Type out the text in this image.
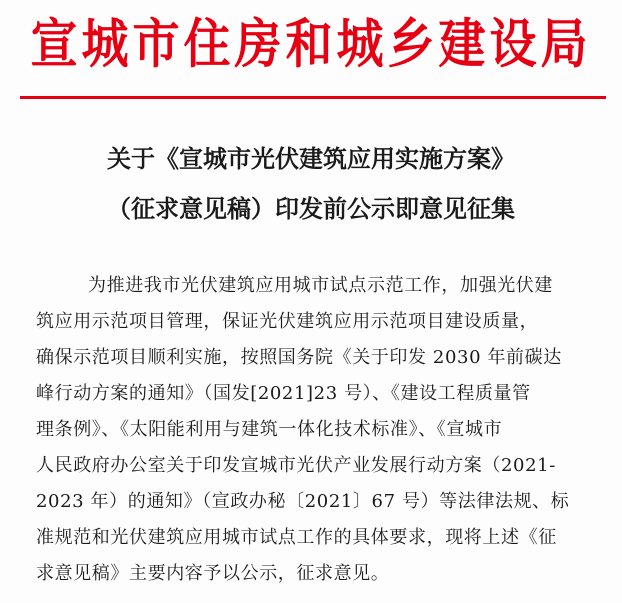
宣城市住房和城乡建设局
关于《宣城市光伏建筑应用实施方案》
（征求意见稿）印发前公示即意见征集
为推进我市光伏建筑应用城市试点示范工作，加强光伏建
筑应用示范项目管理，保证光伏建筑应用示范项目建设质量，
确保示范项目顺利实施，按照国务院《关于印发 2030 年前碳达
峰行动方案的通知》（国发[2021]23 号）、《建设工程质量管
理条例》、《太阳能利用与建筑一体化技术标准》、《宣城市
人民政府办公室关于印发宣城市光伏产业发展行动方案（2021-
2023 年）的通知》（宣政办秘〔2021〕67 号）等法律法规、标
准规范和光伏建筑应用城市试点工作的具体要求，现将上述《征
求意见稿》主要内容予以公示，征求意见。
